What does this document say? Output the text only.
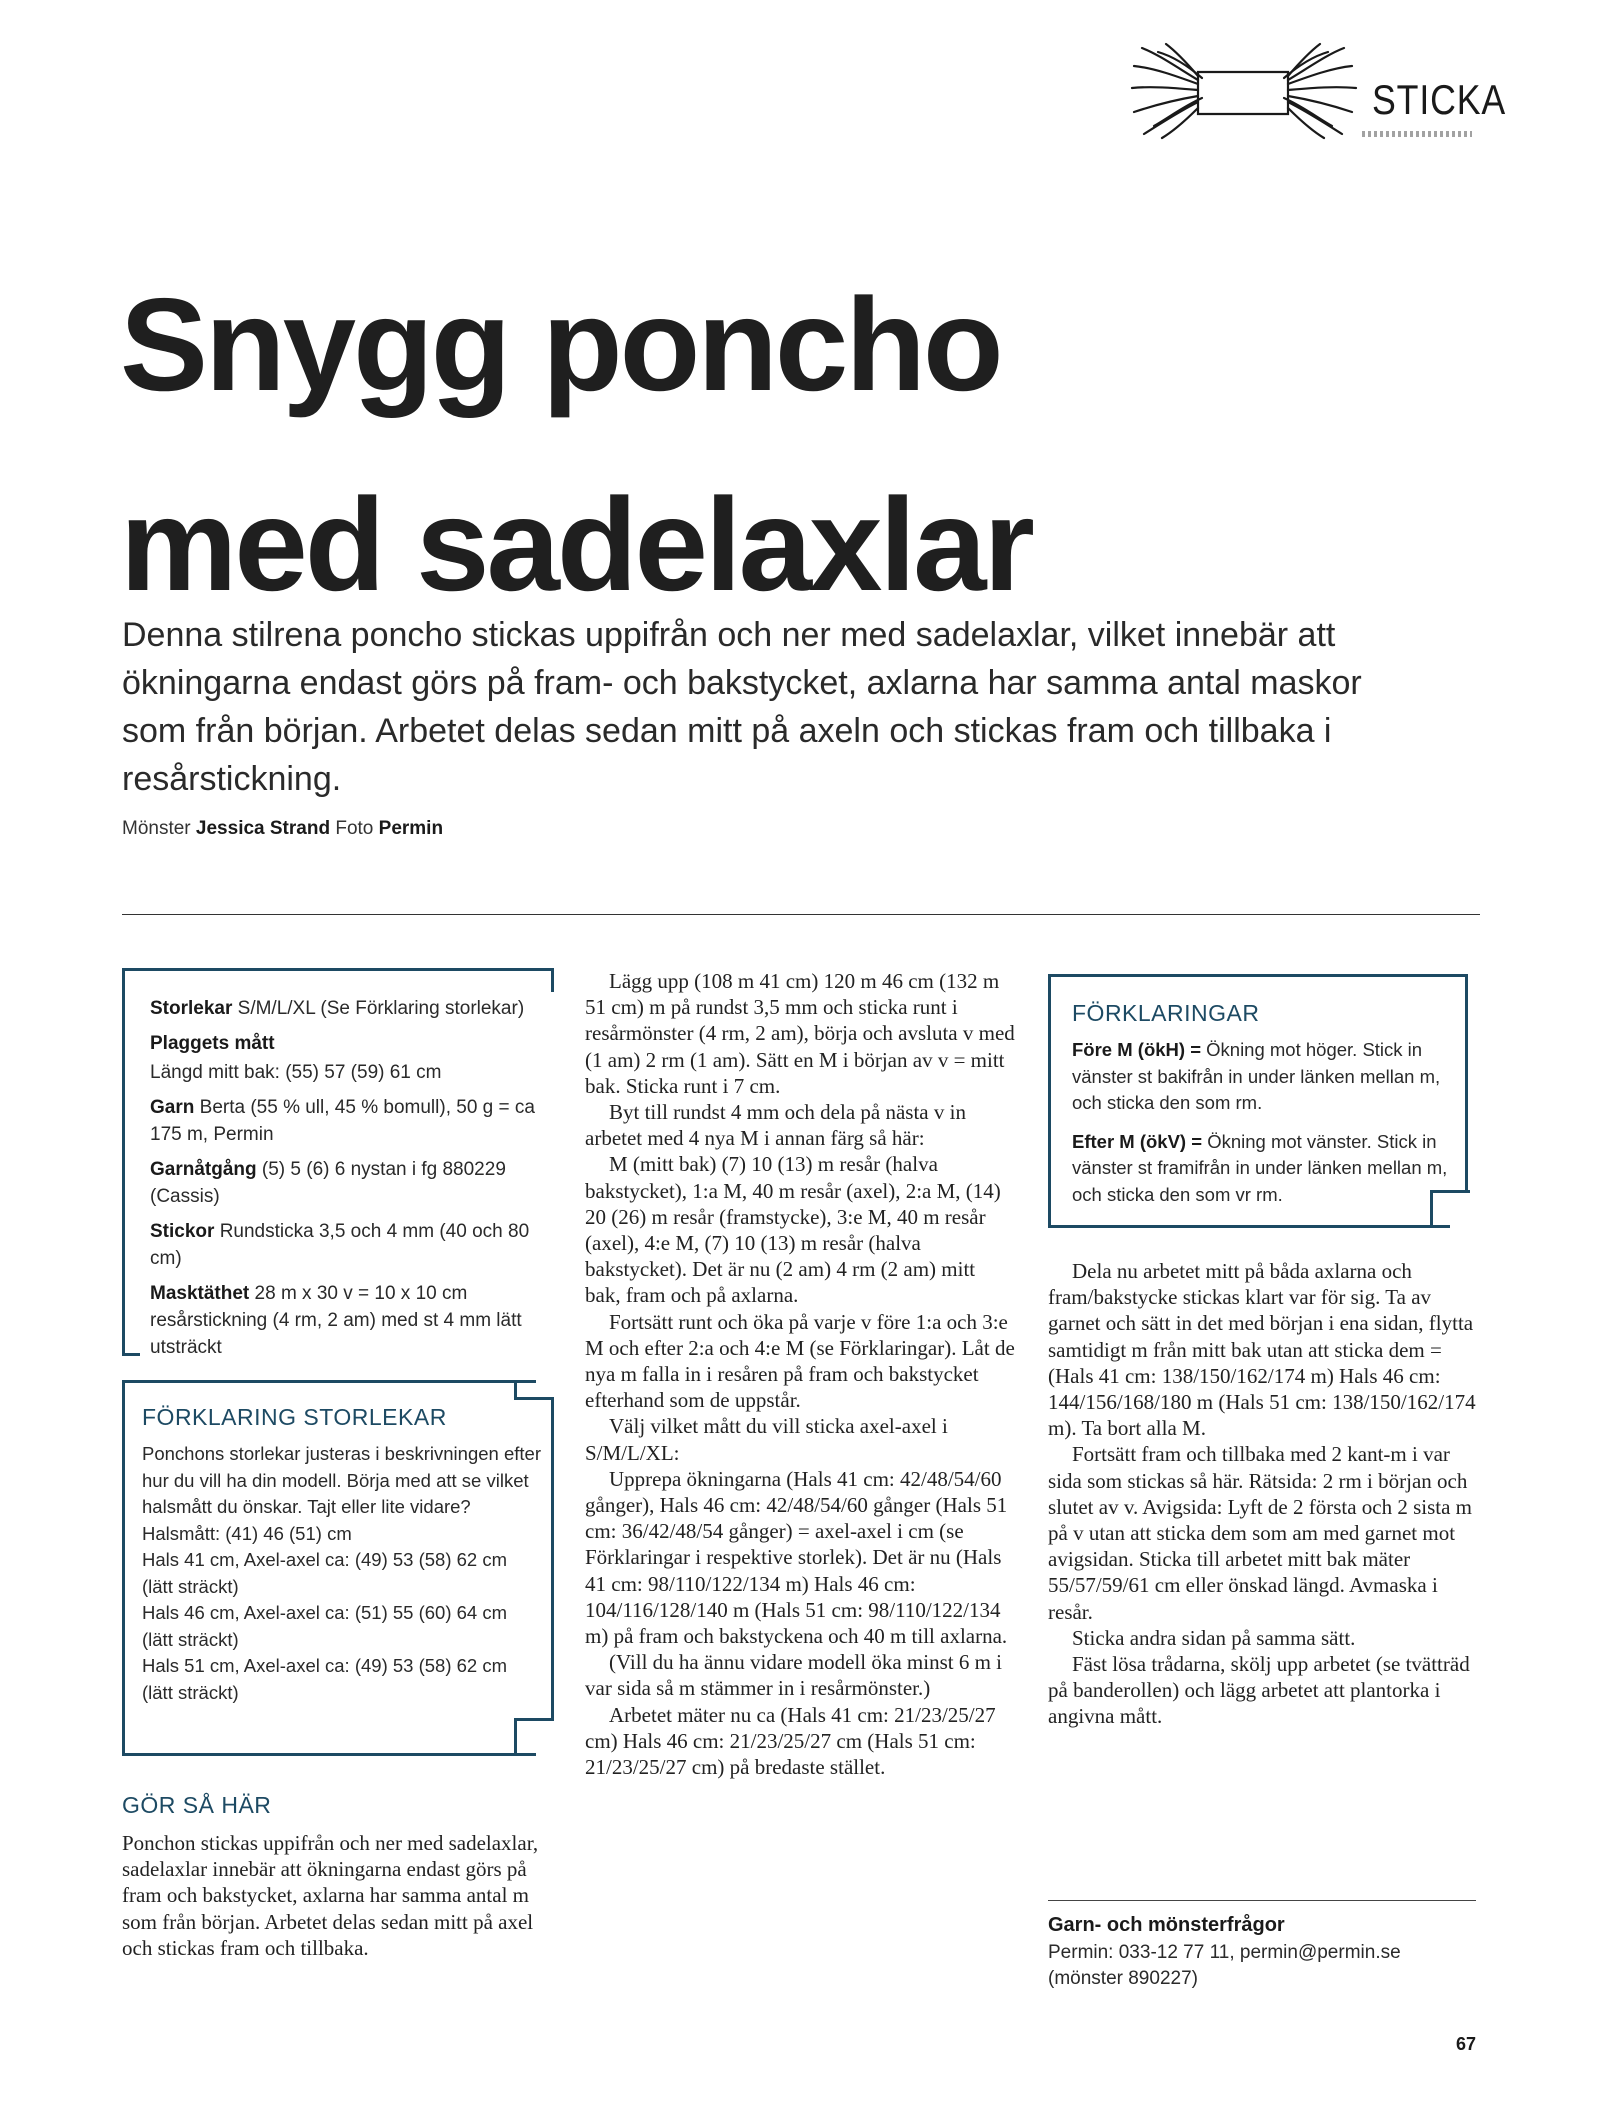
STICKA
Snygg poncho
med sadelaxlar

Denna stilrena poncho stickas uppifrån och ner med sadelaxlar, vilket innebär att ökningarna endast görs på fram- och bakstycket, axlarna har samma antal maskor som från början. Arbetet delas sedan mitt på axeln och stickas fram och tillbaka i resårstickning.

Mönster Jessica Strand Foto Permin

Storlekar S/M/L/XL (Se Förklaring storlekar)

Plaggets mått

Längd mitt bak: (55) 57 (59) 61 cm

Garn Berta (55 % ull, 45 % bomull), 50 g = ca 175 m, Permin

Garnåtgång (5) 5 (6) 6 nystan i fg 880229 (Cassis)

Stickor Rundsticka 3,5 och 4 mm (40 och 80 cm)

Masktäthet 28 m x 30 v = 10 x 10 cm resårstickning (4 rm, 2 am) med st 4 mm lätt utsträckt

FÖRKLARING STORLEKAR

Ponchons storlekar justeras i beskrivningen efter hur du vill ha din modell. Börja med att se vilket halsmått du önskar. Tajt eller lite vidare?

Halsmått: (41) 46 (51) cm

Hals 41 cm, Axel-axel ca: (49) 53 (58) 62 cm (lätt sträckt)

Hals 46 cm, Axel-axel ca: (51) 55 (60) 64 cm (lätt sträckt)

Hals 51 cm, Axel-axel ca: (49) 53 (58) 62 cm (lätt sträckt)

GÖR SÅ HÄR

Ponchon stickas uppifrån och ner med sadelaxlar, sadelaxlar innebär att ökningarna endast görs på fram och bakstycket, axlarna har samma antal m som från början. Arbetet delas sedan mitt på axel och stickas fram och tillbaka.

Lägg upp (108 m 41 cm) 120 m 46 cm (132 m 51 cm) m på rundst 3,5 mm och sticka runt i resårmönster (4 rm, 2 am), börja och avsluta v med (1 am) 2 rm (1 am). Sätt en M i början av v = mitt bak. Sticka runt i 7 cm.

Byt till rundst 4 mm och dela på nästa v in arbetet med 4 nya M i annan färg så här:

M (mitt bak) (7) 10 (13) m resår (halva bakstycket), 1:a M, 40 m resår (axel), 2:a M, (14) 20 (26) m resår (framstycke), 3:e M, 40 m resår (axel), 4:e M, (7) 10 (13) m resår (halva bakstycket). Det är nu (2 am) 4 rm (2 am) mitt bak, fram och på axlarna.

Fortsätt runt och öka på varje v före 1:a och 3:e M och efter 2:a och 4:e M (se Förklaringar). Låt de nya m falla in i resåren på fram och bakstycket efterhand som de uppstår.

Välj vilket mått du vill sticka axel-axel i S/M/L/XL:

Upprepa ökningarna (Hals 41 cm: 42/48/54/60 gånger), Hals 46 cm: 42/48/54/60 gånger (Hals 51 cm: 36/42/48/54 gånger) = axel-axel i cm (se Förklaringar i respektive storlek). Det är nu (Hals 41 cm: 98/110/122/134 m) Hals 46 cm: 104/116/128/140 m (Hals 51 cm: 98/110/122/134 m) på fram och bakstyckena och 40 m till axlarna.

(Vill du ha ännu vidare modell öka minst 6 m i var sida så m stämmer in i resårmönster.)

Arbetet mäter nu ca (Hals 41 cm: 21/23/25/27 cm) Hals 46 cm: 21/23/25/27 cm (Hals 51 cm: 21/23/25/27 cm) på bredaste stället.

FÖRKLARINGAR

Före M (ökH) = Ökning mot höger. Stick in vänster st bakifrån in under länken mellan m, och sticka den som rm.

Efter M (ökV) = Ökning mot vänster. Stick in vänster st framifrån in under länken mellan m, och sticka den som vr rm.

Dela nu arbetet mitt på båda axlarna och fram/bakstycke stickas klart var för sig. Ta av garnet och sätt in det med början i ena sidan, flytta samtidigt m från mitt bak utan att sticka dem = (Hals 41 cm: 138/150/162/174 m) Hals 46 cm: 144/156/168/180 m (Hals 51 cm: 138/150/162/174 m). Ta bort alla M.

Fortsätt fram och tillbaka med 2 kant-m i var sida som stickas så här. Rätsida: 2 rm i början och slutet av v. Avigsida: Lyft de 2 första och 2 sista m på v utan att sticka dem som am med garnet mot avigsidan. Sticka till arbetet mitt bak mäter 55/57/59/61 cm eller önskad längd. Avmaska i resår.

Sticka andra sidan på samma sätt.

Fäst lösa trådarna, skölj upp arbetet (se tvätträd på banderollen) och lägg arbetet att plantorka i angivna mått.

Garn- och mönsterfrågor

Permin: 033-12 77 11, permin@permin.se

(mönster 890227)

67
